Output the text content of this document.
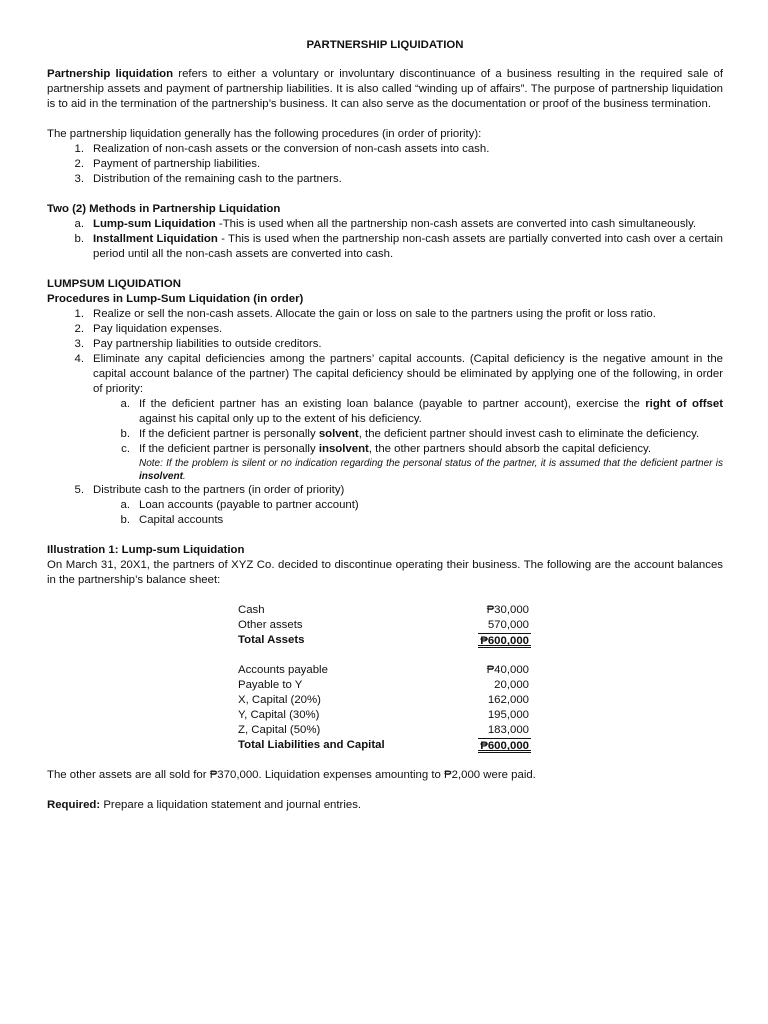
PARTNERSHIP LIQUIDATION

Partnership liquidation refers to either a voluntary or involuntary discontinuance of a business resulting in the required sale of partnership assets and payment of partnership liabilities. It is also called “winding up of affairs”. The purpose of partnership liquidation is to aid in the termination of the partnership’s business. It can also serve as the documentation or proof of the business termination.

The partnership liquidation generally has the following procedures (in order of priority):

1. Realization of non-cash assets or the conversion of non-cash assets into cash.
2. Payment of partnership liabilities.
3. Distribution of the remaining cash to the partners.

Two (2) Methods in Partnership Liquidation

a. Lump-sum Liquidation -This is used when all the partnership non-cash assets are converted into cash simultaneously.
b. Installment Liquidation - This is used when the partnership non-cash assets are partially converted into cash over a certain period until all the non-cash assets are converted into cash.

LUMPSUM LIQUIDATION

Procedures in Lump-Sum Liquidation (in order)

1. Realize or sell the non-cash assets. Allocate the gain or loss on sale to the partners using the profit or loss ratio.
2. Pay liquidation expenses.
3. Pay partnership liabilities to outside creditors.
4. Eliminate any capital deficiencies among the partners’ capital accounts. (Capital deficiency is the negative amount in the capital account balance of the partner) The capital deficiency should be eliminated by applying one of the following, in order of priority:
a. If the deficient partner has an existing loan balance (payable to partner account), exercise the right of offset against his capital only up to the extent of his deficiency.
b. If the deficient partner is personally solvent, the deficient partner should invest cash to eliminate the deficiency.
c. If the deficient partner is personally insolvent, the other partners should absorb the capital deficiency.
Note: If the problem is silent or no indication regarding the personal status of the partner, it is assumed that the deficient partner is insolvent.
5. Distribute cash to the partners (in order of priority)
a. Loan accounts (payable to partner account)
b. Capital accounts

Illustration 1: Lump-sum Liquidation

On March 31, 20X1, the partners of XYZ Co. decided to discontinue operating their business. The following are the account balances in the partnership’s balance sheet:

Cash	₱30,000
Other assets	570,000
Total Assets	₱600,000
Accounts payable	₱40,000
Payable to Y	20,000
X, Capital (20%)	162,000
Y, Capital (30%)	195,000
Z, Capital (50%)	183,000
Total Liabilities and Capital	₱600,000

The other assets are all sold for ₱370,000. Liquidation expenses amounting to ₱2,000 were paid.

Required: Prepare a liquidation statement and journal entries.
